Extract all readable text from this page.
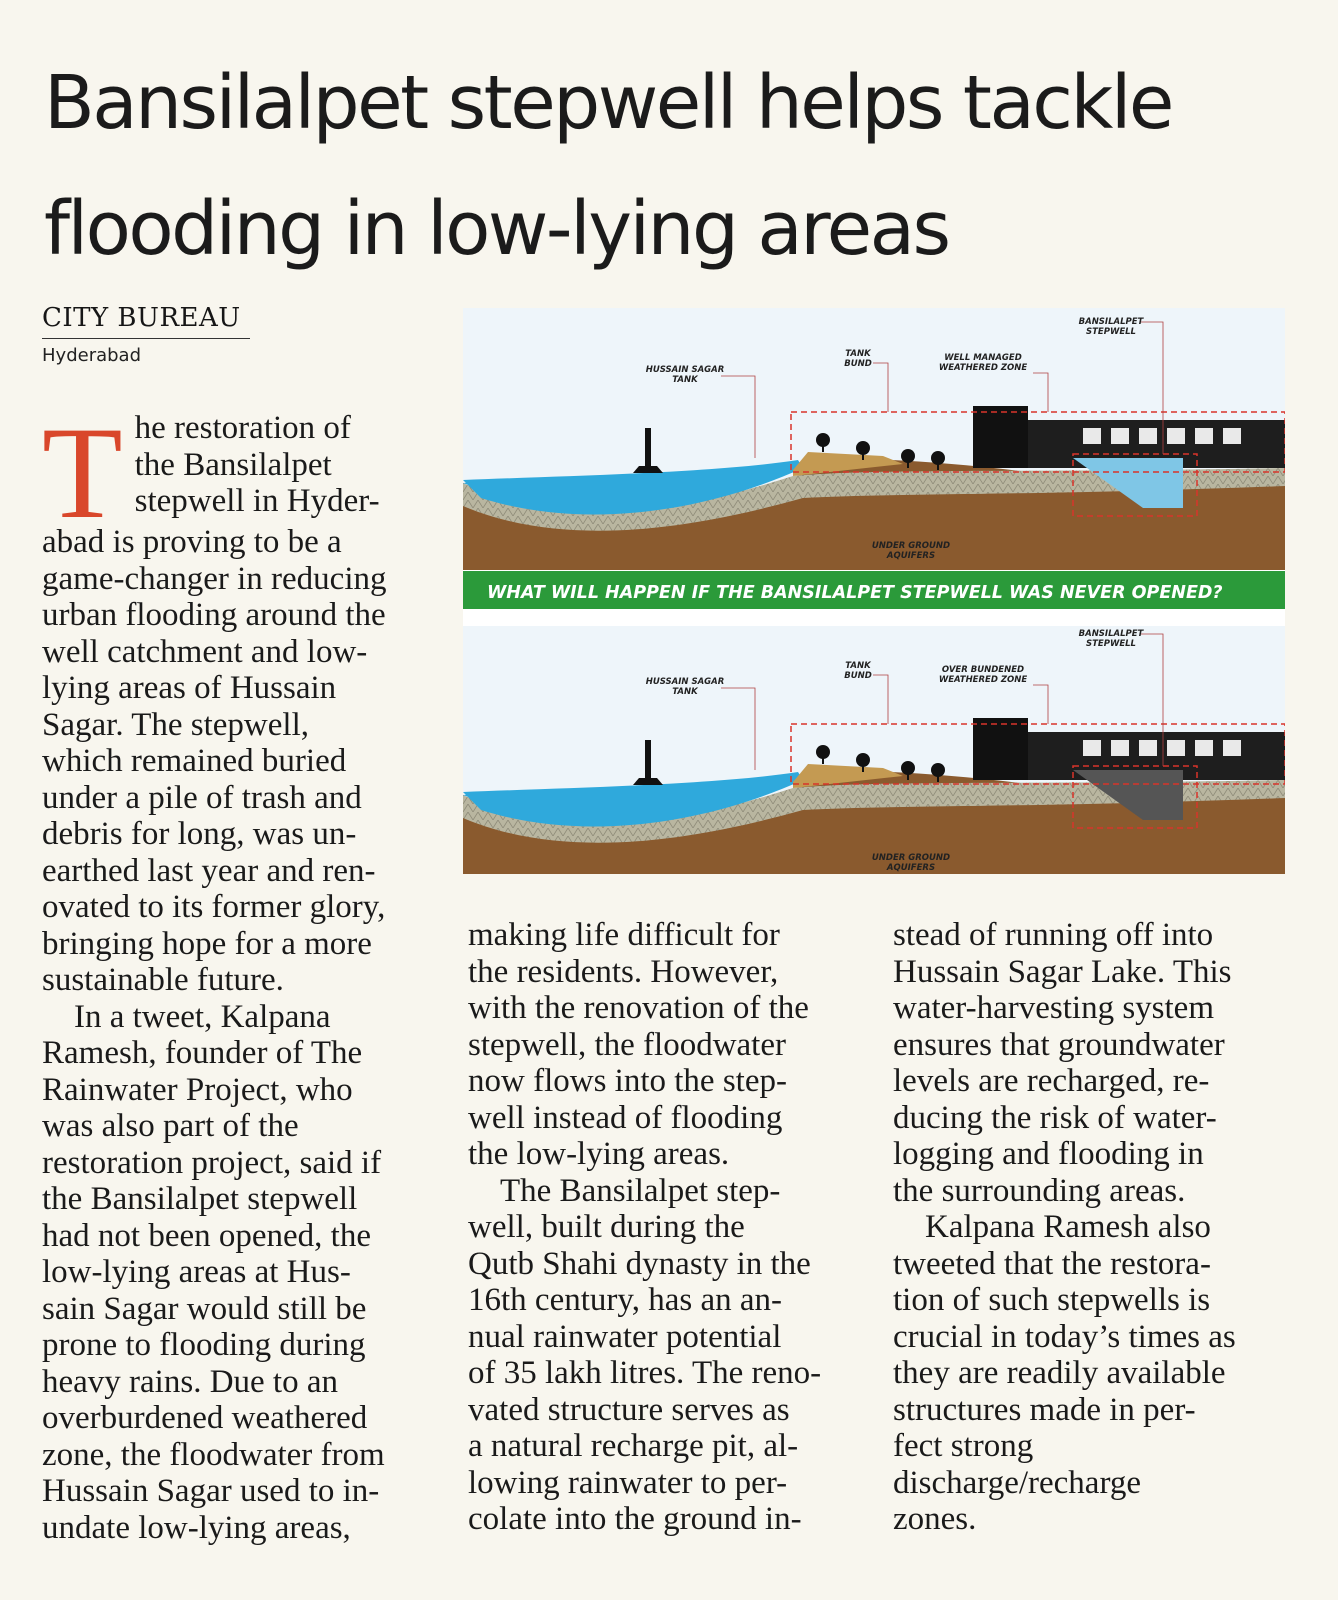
Bansilalpet stepwell helps tackle
flooding in low-lying areas
CITY BUREAU
Hyderabad
T he restoration of
the Bansilalpet
stepwell in Hyder-
abad is proving to be a
game-changer in reducing
urban flooding around the
well catchment and low-
lying areas of Hussain
Sagar. The stepwell,
which remained buried
under a pile of trash and
debris for long, was un-
earthed last year and ren-
ovated to its former glory,
bringing hope for a more
sustainable future.
In a tweet, Kalpana
Ramesh, founder of The
Rainwater Project, who
was also part of the
restoration project, said if
the Bansilalpet stepwell
had not been opened, the
low-lying areas at Hus-
sain Sagar would still be
prone to flooding during
heavy rains. Due to an
overburdened weathered
zone, the floodwater from
Hussain Sagar used to in-
undate low-lying areas,
making life difficult for
the residents. However,
with the renovation of the
stepwell, the floodwater
now flows into the step-
well instead of flooding
the low-lying areas.
The Bansilalpet step-
well, built during the
Qutb Shahi dynasty in the
16th century, has an an-
nual rainwater potential
of 35 lakh litres. The reno-
vated structure serves as
a natural recharge pit, al-
lowing rainwater to per-
colate into the ground in-
stead of running off into
Hussain Sagar Lake. This
water-harvesting system
ensures that groundwater
levels are recharged, re-
ducing the risk of water-
logging and flooding in
the surrounding areas.
Kalpana Ramesh also
tweeted that the restora-
tion of such stepwells is
crucial in today’s times as
they are readily available
structures made in per-
fect strong
discharge/recharge
zones.
HUSSAIN SAGAR
TANK
TANK
BUND
WELL MANAGED
WEATHERED ZONE
BANSILALPET
STEPWELL
UNDER GROUND
AQUIFERS
HUSSAIN SAGAR
TANK
TANK
BUND
OVER BUNDENED
WEATHERED ZONE
BANSILALPET
STEPWELL
UNDER GROUND
AQUIFERS
WHAT WILL HAPPEN IF THE BANSILALPET STEPWELL WAS NEVER OPENED?
